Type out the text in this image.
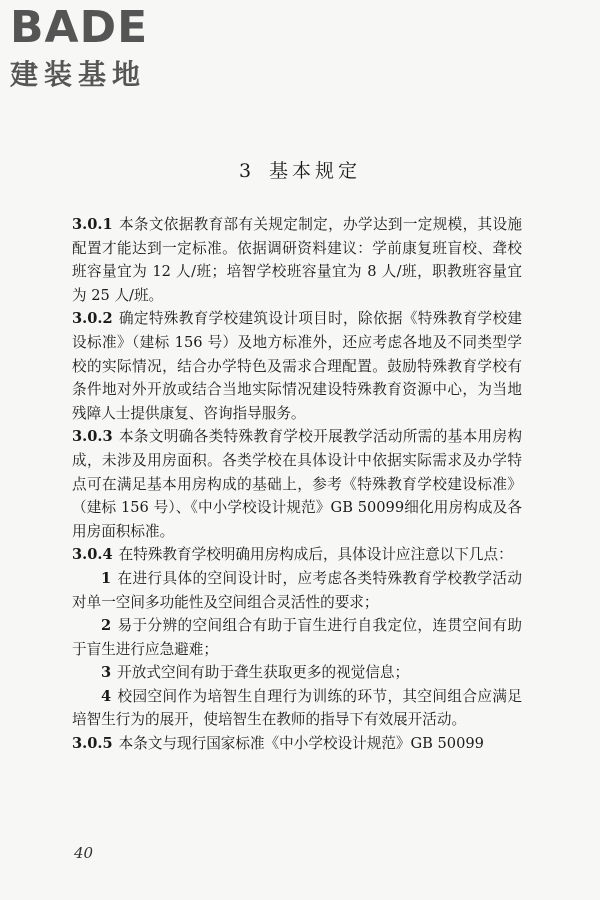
BADE
建装基地
3 基本规定

3.0.1 本条文依据教育部有关规定制定，办学达到一定规模，其设施配置才能达到一定标准。依据调研资料建议：学前康复班盲校、聋校班容量宜为 12 人/班；培智学校班容量宜为 8 人/班，职教班容量宜为 25 人/班。

3.0.2 确定特殊教育学校建筑设计项目时，除依据《特殊教育学校建设标准》（建标 156 号）及地方标准外，还应考虑各地及不同类型学校的实际情况，结合办学特色及需求合理配置。鼓励特殊教育学校有条件地对外开放或结合当地实际情况建设特殊教育资源中心，为当地残障人士提供康复、咨询指导服务。

3.0.3 本条文明确各类特殊教育学校开展教学活动所需的基本用房构成，未涉及用房面积。各类学校在具体设计中依据实际需求及办学特点可在满足基本用房构成的基础上，参考《特殊教育学校建设标准》（建标 156 号）、《中小学校设计规范》GB 50099细化用房构成及各用房面积标准。

3.0.4 在特殊教育学校明确用房构成后，具体设计应注意以下几点：

1 在进行具体的空间设计时，应考虑各类特殊教育学校教学活动对单一空间多功能性及空间组合灵活性的要求；

2 易于分辨的空间组合有助于盲生进行自我定位，连贯空间有助于盲生进行应急避难；

3 开放式空间有助于聋生获取更多的视觉信息；

4 校园空间作为培智生自理行为训练的环节，其空间组合应满足培智生行为的展开，使培智生在教师的指导下有效展开活动。

3.0.5 本条文与现行国家标准《中小学校设计规范》GB 50099

40
